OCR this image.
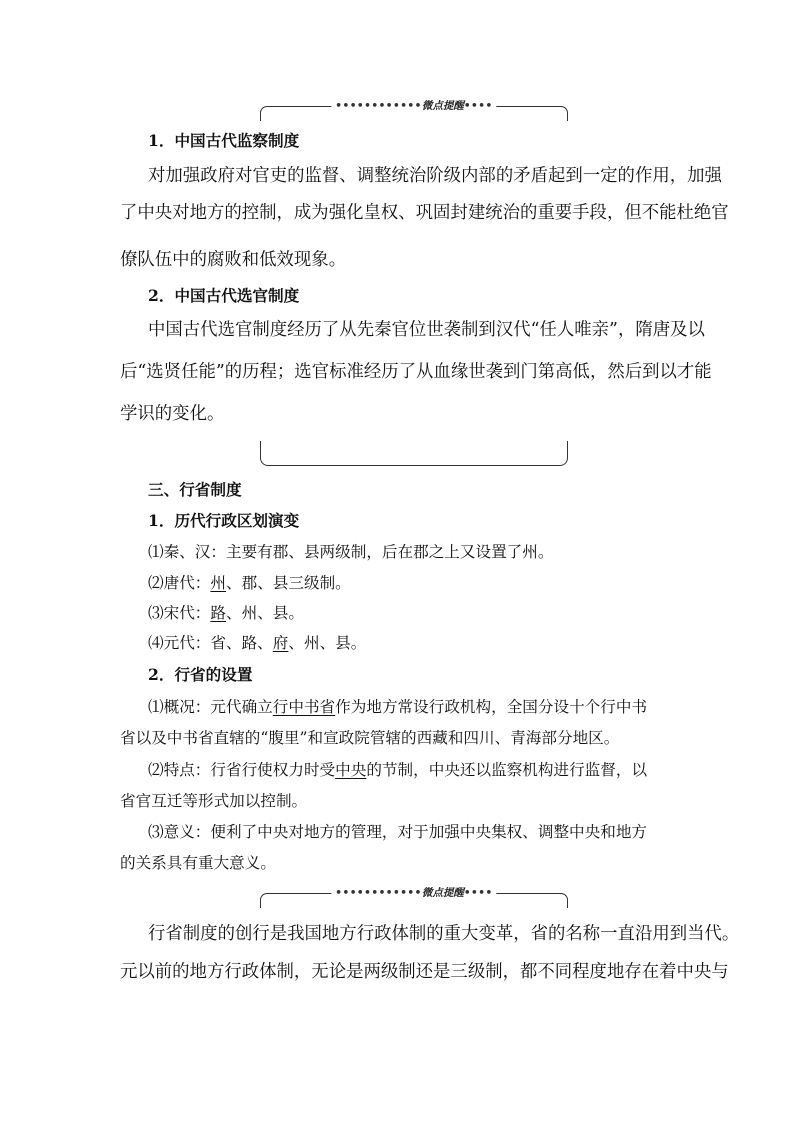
••••••••••••微点提醒••••
1．中国古代监察制度
对加强政府对官吏的监督、调整统治阶级内部的矛盾起到一定的作用，加强
了中央对地方的控制，成为强化皇权、巩固封建统治的重要手段，但不能杜绝官
僚队伍中的腐败和低效现象。
2．中国古代选官制度
中国古代选官制度经历了从先秦官位世袭制到汉代“任人唯亲”，隋唐及以
后“选贤任能”的历程；选官标准经历了从血缘世袭到门第高低，然后到以才能
学识的变化。
三、行省制度
1．历代行政区划演变
⑴秦、汉：主要有郡、县两级制，后在郡之上又设置了州。
⑵唐代：州、郡、县三级制。
⑶宋代：路、州、县。
⑷元代：省、路、府、州、县。
2．行省的设置
⑴概况：元代确立行中书省作为地方常设行政机构，全国分设十个行中书
省以及中书省直辖的“腹里”和宣政院管辖的西藏和四川、青海部分地区。
⑵特点：行省行使权力时受中央的节制，中央还以监察机构进行监督，以
省官互迁等形式加以控制。
⑶意义：便利了中央对地方的管理，对于加强中央集权、调整中央和地方
的关系具有重大意义。
••••••••••••微点提醒••••
行省制度的创行是我国地方行政体制的重大变革，省的名称一直沿用到当代。
元以前的地方行政体制，无论是两级制还是三级制，都不同程度地存在着中央与
